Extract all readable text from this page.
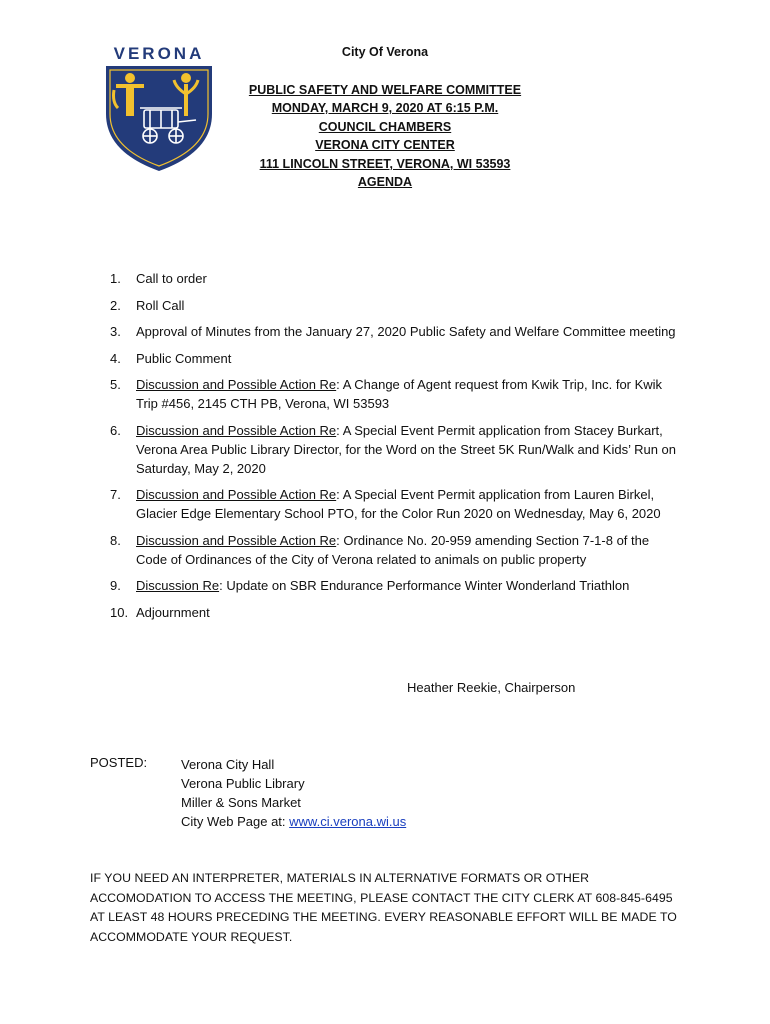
VERONA	City Of Verona
PUBLIC SAFETY AND WELFARE COMMITTEE
MONDAY, MARCH 9, 2020 AT 6:15 P.M.
COUNCIL CHAMBERS
VERONA CITY CENTER
111 LINCOLN STREET, VERONA, WI 53593
AGENDA
1.	Call to order
2.	Roll Call
3.	Approval of Minutes from the January 27, 2020 Public Safety and Welfare Committee meeting
4.	Public Comment
5.	Discussion and Possible Action Re: A Change of Agent request from Kwik Trip, Inc. for Kwik Trip #456, 2145 CTH PB, Verona, WI 53593
6.	Discussion and Possible Action Re: A Special Event Permit application from Stacey Burkart, Verona Area Public Library Director, for the Word on the Street 5K Run/Walk and Kids’ Run on Saturday, May 2, 2020
7.	Discussion and Possible Action Re: A Special Event Permit application from Lauren Birkel, Glacier Edge Elementary School PTO, for the Color Run 2020 on Wednesday, May 6, 2020
8.	Discussion and Possible Action Re: Ordinance No. 20-959 amending Section 7-1-8 of the Code of Ordinances of the City of Verona related to animals on public property
9.	Discussion Re: Update on SBR Endurance Performance Winter Wonderland Triathlon
10. Adjournment
Heather Reekie, Chairperson
POSTED:	Verona City Hall
Verona Public Library
Miller & Sons Market
City Web Page at: www.ci.verona.wi.us
IF YOU NEED AN INTERPRETER, MATERIALS IN ALTERNATIVE FORMATS OR OTHER ACCOMODATION TO ACCESS THE MEETING, PLEASE CONTACT THE CITY CLERK AT 608-845-6495 AT LEAST 48 HOURS PRECEDING THE MEETING. EVERY REASONABLE EFFORT WILL BE MADE TO ACCOMMODATE YOUR REQUEST.
